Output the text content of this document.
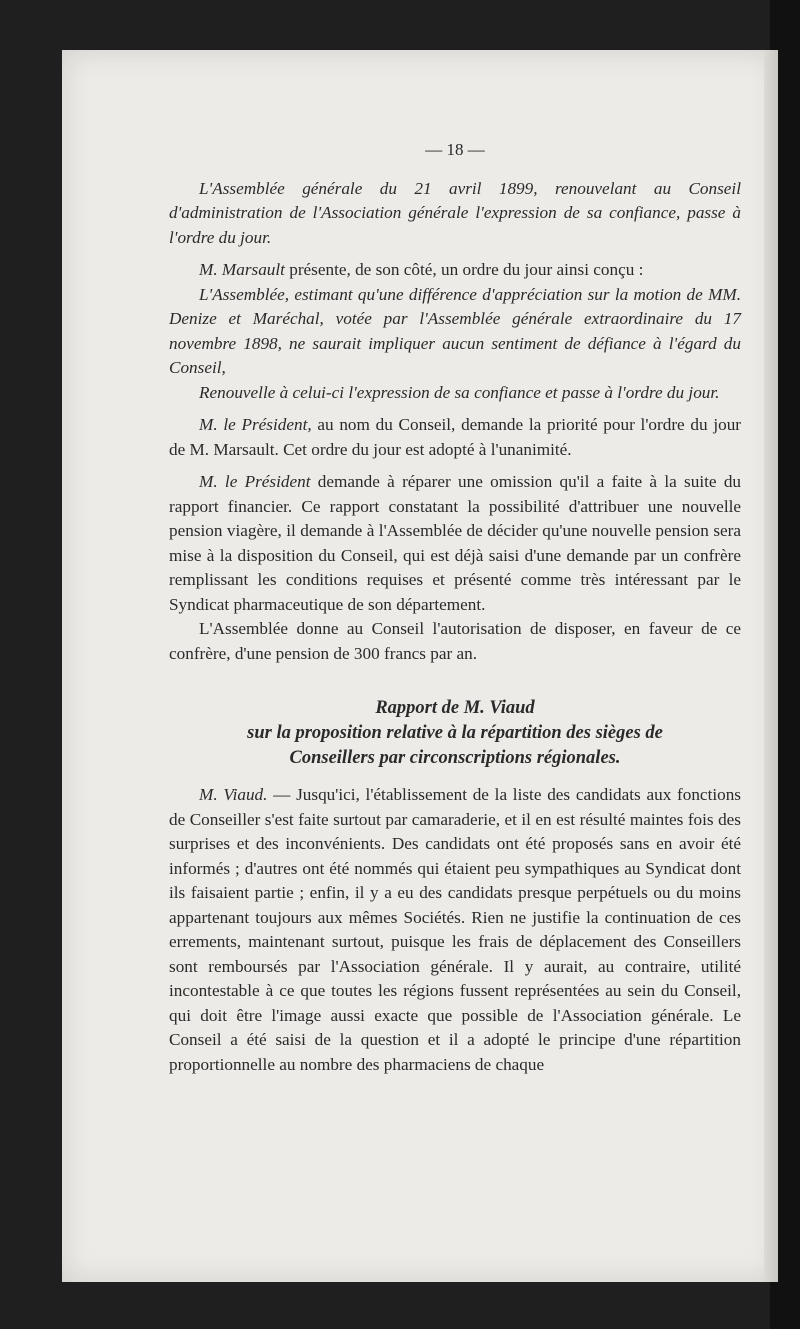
— 18 —

L'Assemblée générale du 21 avril 1899, renouvelant au Conseil d'administration de l'Association générale l'expression de sa confiance, passe à l'ordre du jour.

M. Marsault présente, de son côté, un ordre du jour ainsi conçu :

L'Assemblée, estimant qu'une différence d'appréciation sur la motion de MM. Denize et Maréchal, votée par l'Assemblée générale extraordinaire du 17 novembre 1898, ne saurait impliquer aucun sentiment de défiance à l'égard du Conseil,

Renouvelle à celui-ci l'expression de sa confiance et passe à l'ordre du jour.

M. le Président, au nom du Conseil, demande la priorité pour l'ordre du jour de M. Marsault. Cet ordre du jour est adopté à l'unanimité.

M. le Président demande à réparer une omission qu'il a faite à la suite du rapport financier. Ce rapport constatant la possibilité d'attribuer une nouvelle pension viagère, il demande à l'Assemblée de décider qu'une nouvelle pension sera mise à la disposition du Conseil, qui est déjà saisi d'une demande par un confrère remplissant les conditions requises et présenté comme très intéressant par le Syndicat pharmaceutique de son département.

L'Assemblée donne au Conseil l'autorisation de disposer, en faveur de ce confrère, d'une pension de 300 francs par an.

Rapport de M. Viaud
sur la proposition relative à la répartition des sièges de
Conseillers par circonscriptions régionales.

M. Viaud. — Jusqu'ici, l'établissement de la liste des candidats aux fonctions de Conseiller s'est faite surtout par camaraderie, et il en est résulté maintes fois des surprises et des inconvénients. Des candidats ont été proposés sans en avoir été informés ; d'autres ont été nommés qui étaient peu sympathiques au Syndicat dont ils faisaient partie ; enfin, il y a eu des candidats presque perpétuels ou du moins appartenant toujours aux mêmes Sociétés. Rien ne justifie la continuation de ces errements, maintenant surtout, puisque les frais de déplacement des Conseillers sont remboursés par l'Association générale. Il y aurait, au contraire, utilité incontestable à ce que toutes les régions fussent représentées au sein du Conseil, qui doit être l'image aussi exacte que possible de l'Association générale. Le Conseil a été saisi de la question et il a adopté le principe d'une répartition proportionnelle au nombre des pharmaciens de chaque
